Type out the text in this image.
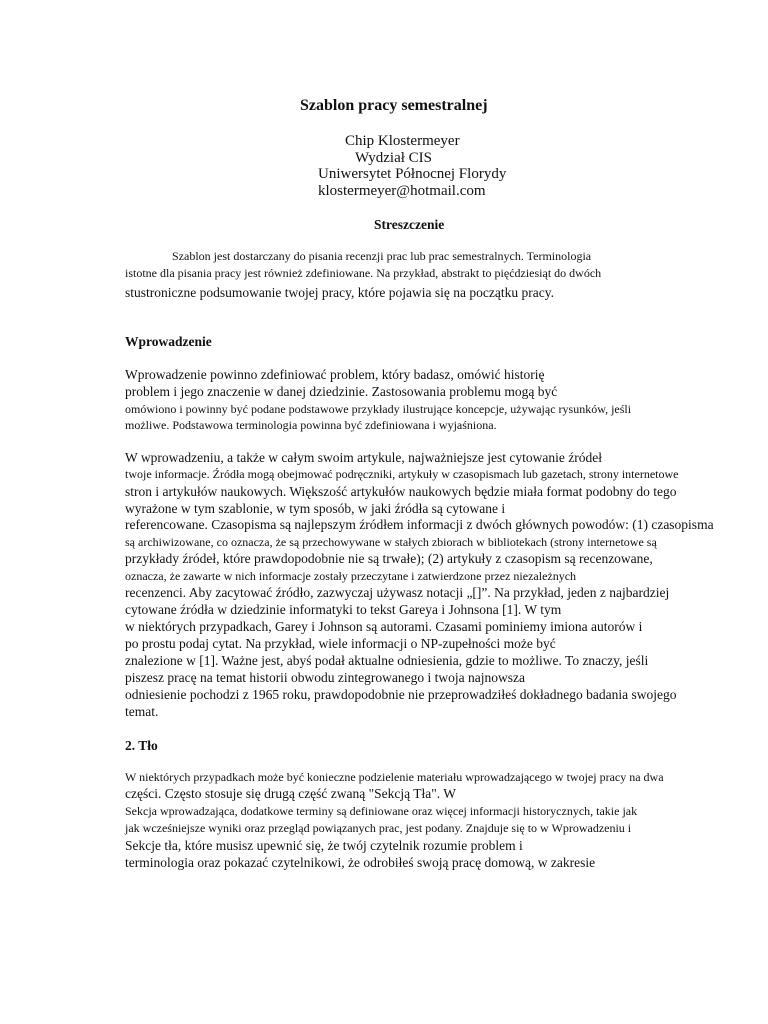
Szablon pracy semestralnej
Chip Klostermeyer
Wydział CIS
Uniwersytet Północnej Florydy
klostermeyer@hotmail.com
Streszczenie
Szablon jest dostarczany do pisania recenzji prac lub prac semestralnych. Terminologia
istotne dla pisania pracy jest również zdefiniowane. Na przykład, abstrakt to pięćdziesiąt do dwóch
stustroniczne podsumowanie twojej pracy, które pojawia się na początku pracy.
Wprowadzenie
Wprowadzenie powinno zdefiniować problem, który badasz, omówić historię
problem i jego znaczenie w danej dziedzinie. Zastosowania problemu mogą być
omówiono i powinny być podane podstawowe przykłady ilustrujące koncepcje, używając rysunków, jeśli
możliwe. Podstawowa terminologia powinna być zdefiniowana i wyjaśniona.
W wprowadzeniu, a także w całym swoim artykule, najważniejsze jest cytowanie źródeł
twoje informacje. Źródła mogą obejmować podręczniki, artykuły w czasopismach lub gazetach, strony internetowe
stron i artykułów naukowych. Większość artykułów naukowych będzie miała format podobny do tego
wyrażone w tym szablonie, w tym sposób, w jaki źródła są cytowane i
referencowane. Czasopisma są najlepszym źródłem informacji z dwóch głównych powodów: (1) czasopisma
są archiwizowane, co oznacza, że są przechowywane w stałych zbiorach w bibliotekach (strony internetowe są
przykłady źródeł, które prawdopodobnie nie są trwałe); (2) artykuły z czasopism są recenzowane,
oznacza, że zawarte w nich informacje zostały przeczytane i zatwierdzone przez niezależnych
recenzenci. Aby zacytować źródło, zazwyczaj używasz notacji „[]”. Na przykład, jeden z najbardziej
cytowane źródła w dziedzinie informatyki to tekst Gareya i Johnsona [1]. W tym
w niektórych przypadkach, Garey i Johnson są autorami. Czasami pominiemy imiona autorów i
po prostu podaj cytat. Na przykład, wiele informacji o NP-zupełności może być
znalezione w [1]. Ważne jest, abyś podał aktualne odniesienia, gdzie to możliwe. To znaczy, jeśli
piszesz pracę na temat historii obwodu zintegrowanego i twoja najnowsza
odniesienie pochodzi z 1965 roku, prawdopodobnie nie przeprowadziłeś dokładnego badania swojego
temat.
2. Tło
W niektórych przypadkach może być konieczne podzielenie materiału wprowadzającego w twojej pracy na dwa
części. Często stosuje się drugą część zwaną "Sekcją Tła". W
Sekcja wprowadzająca, dodatkowe terminy są definiowane oraz więcej informacji historycznych, takie jak
jak wcześniejsze wyniki oraz przegląd powiązanych prac, jest podany. Znajduje się to w Wprowadzeniu i
Sekcje tła, które musisz upewnić się, że twój czytelnik rozumie problem i
terminologia oraz pokazać czytelnikowi, że odrobiłeś swoją pracę domową, w zakresie
